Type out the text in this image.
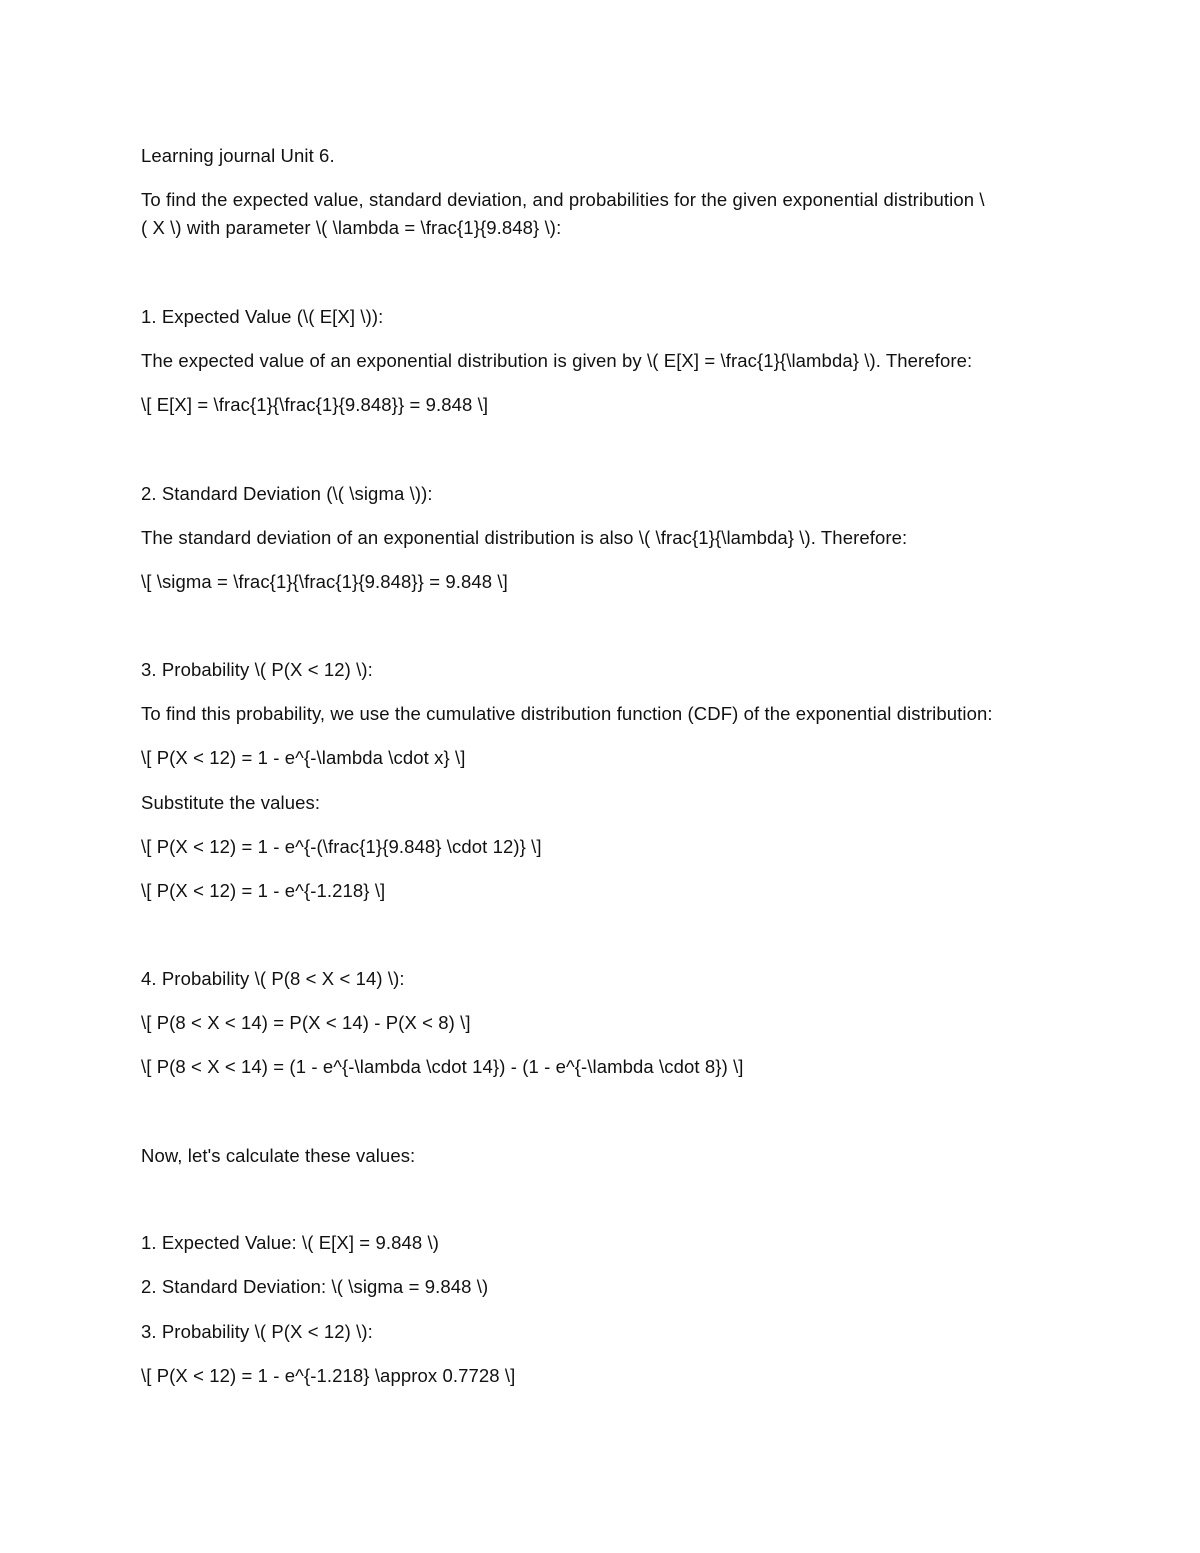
Learning journal Unit 6.
To find the expected value, standard deviation, and probabilities for the given exponential distribution \
( X \) with parameter \( \lambda = \frac{1}{9.848} \):
1. Expected Value (\( E[X] \)):
The expected value of an exponential distribution is given by \( E[X] = \frac{1}{\lambda} \). Therefore:
\[ E[X] = \frac{1}{\frac{1}{9.848}} = 9.848 \]
2. Standard Deviation (\( \sigma \)):
The standard deviation of an exponential distribution is also \( \frac{1}{\lambda} \). Therefore:
\[ \sigma = \frac{1}{\frac{1}{9.848}} = 9.848 \]
3. Probability \( P(X < 12) \):
To find this probability, we use the cumulative distribution function (CDF) of the exponential distribution:
\[ P(X < 12) = 1 - e^{-\lambda \cdot x} \]
Substitute the values:
\[ P(X < 12) = 1 - e^{-(\frac{1}{9.848} \cdot 12)} \]
\[ P(X < 12) = 1 - e^{-1.218} \]
4. Probability \( P(8 < X < 14) \):
\[ P(8 < X < 14) = P(X < 14) - P(X < 8) \]
\[ P(8 < X < 14) = (1 - e^{-\lambda \cdot 14}) - (1 - e^{-\lambda \cdot 8}) \]
Now, let's calculate these values:
1. Expected Value: \( E[X] = 9.848 \)
2. Standard Deviation: \( \sigma = 9.848 \)
3. Probability \( P(X < 12) \):
\[ P(X < 12) = 1 - e^{-1.218} \approx 0.7728 \]
